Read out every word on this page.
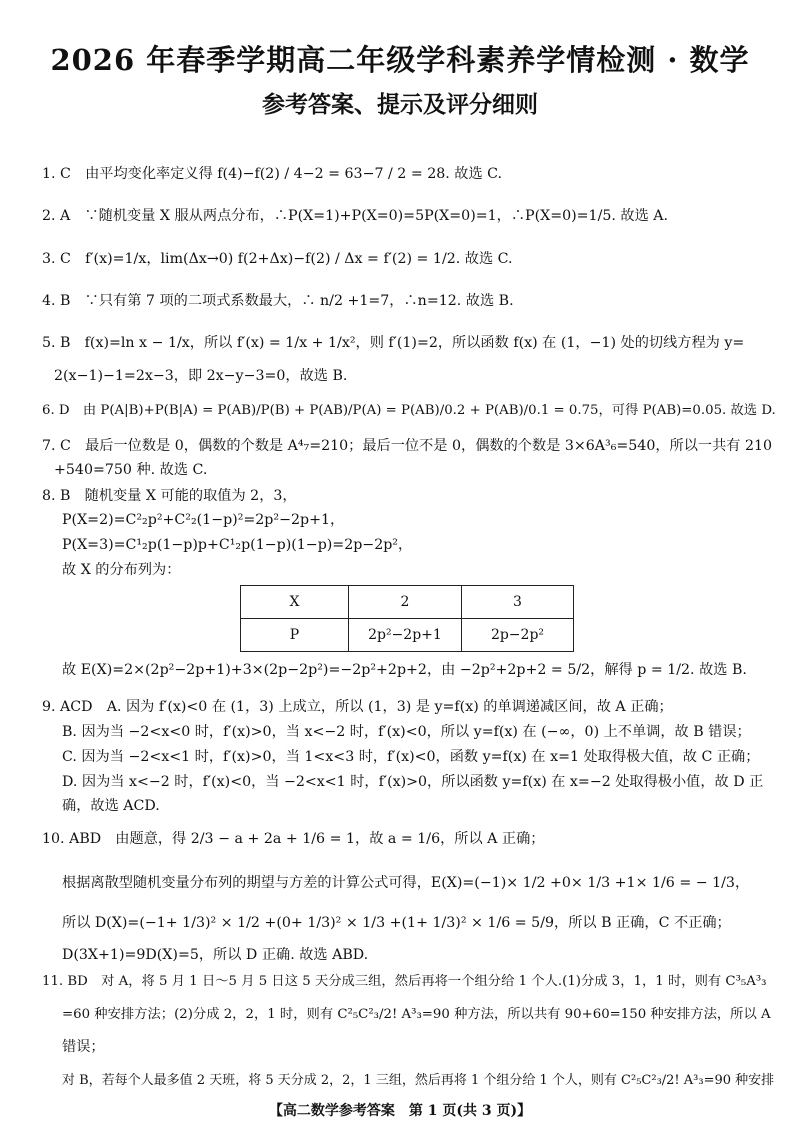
2026 年春季学期高二年级学科素养学情检测 · 数学
参考答案、提示及评分细则
1. C　由平均变化率定义得 f(4)−f(2) / 4−2 = 63−7 / 2 = 28. 故选 C.
2. A　∵随机变量 X 服从两点分布，∴P(X=1)+P(X=0)=5P(X=0)=1，∴P(X=0)=1/5. 故选 A.
3. C　f′(x)=1/x，lim(Δx→0) f(2+Δx)−f(2) / Δx = f′(2) = 1/2. 故选 C.
4. B　∵只有第 7 项的二项式系数最大，∴ n/2 +1=7，∴n=12. 故选 B.
5. B　f(x)=ln x − 1/x，所以 f′(x) = 1/x + 1/x²，则 f′(1)=2，所以函数 f(x) 在 (1，−1) 处的切线方程为 y=
2(x−1)−1=2x−3，即 2x−y−3=0，故选 B.
6. D　由 P(A|B)+P(B|A) = P(AB)/P(B) + P(AB)/P(A) = P(AB)/0.2 + P(AB)/0.1 = 0.75，可得 P(AB)=0.05. 故选 D.
7. C　最后一位数是 0，偶数的个数是 A⁴₇=210；最后一位不是 0，偶数的个数是 3×6A³₆=540，所以一共有 210
+540=750 种. 故选 C.
8. B　随机变量 X 可能的取值为 2，3，
P(X=2)=C²₂p²+C²₂(1−p)²=2p²−2p+1，
P(X=3)=C¹₂p(1−p)p+C¹₂p(1−p)(1−p)=2p−2p²，
故 X 的分布列为：
X	2	3
P	2p²−2p+1	2p−2p²
故 E(X)=2×(2p²−2p+1)+3×(2p−2p²)=−2p²+2p+2，由 −2p²+2p+2 = 5/2，解得 p = 1/2. 故选 B.
9. ACD　A. 因为 f′(x)<0 在 (1，3) 上成立，所以 (1，3) 是 y=f(x) 的单调递减区间，故 A 正确；
B. 因为当 −2<x<0 时，f′(x)>0，当 x<−2 时，f′(x)<0，所以 y=f(x) 在 (−∞，0) 上不单调，故 B 错误；
C. 因为当 −2<x<1 时，f′(x)>0，当 1<x<3 时，f′(x)<0，函数 y=f(x) 在 x=1 处取得极大值，故 C 正确；
D. 因为当 x<−2 时，f′(x)<0，当 −2<x<1 时，f′(x)>0，所以函数 y=f(x) 在 x=−2 处取得极小值，故 D 正
确，故选 ACD.
10. ABD　由题意，得 2/3 − a + 2a + 1/6 = 1，故 a = 1/6，所以 A 正确；
根据离散型随机变量分布列的期望与方差的计算公式可得，E(X)=(−1)× 1/2 +0× 1/3 +1× 1/6 = − 1/3，
所以 D(X)=(−1+ 1/3)² × 1/2 +(0+ 1/3)² × 1/3 +(1+ 1/3)² × 1/6 = 5/9，所以 B 正确，C 不正确；
D(3X+1)=9D(X)=5，所以 D 正确. 故选 ABD.
11. BD　对 A，将 5 月 1 日～5 月 5 日这 5 天分成三组，然后再将一个组分给 1 个人.(1)分成 3，1，1 时，则有 C³₅A³₃
=60 种安排方法；(2)分成 2，2，1 时，则有 C²₅C²₃/2! A³₃=90 种方法，所以共有 90+60=150 种安排方法，所以 A
错误；
对 B，若每个人最多值 2 天班，将 5 天分成 2，2，1 三组，然后再将 1 个组分给 1 个人，则有 C²₅C²₃/2! A³₃=90 种安排
【高二数学参考答案　第 1 页(共 3 页)】
